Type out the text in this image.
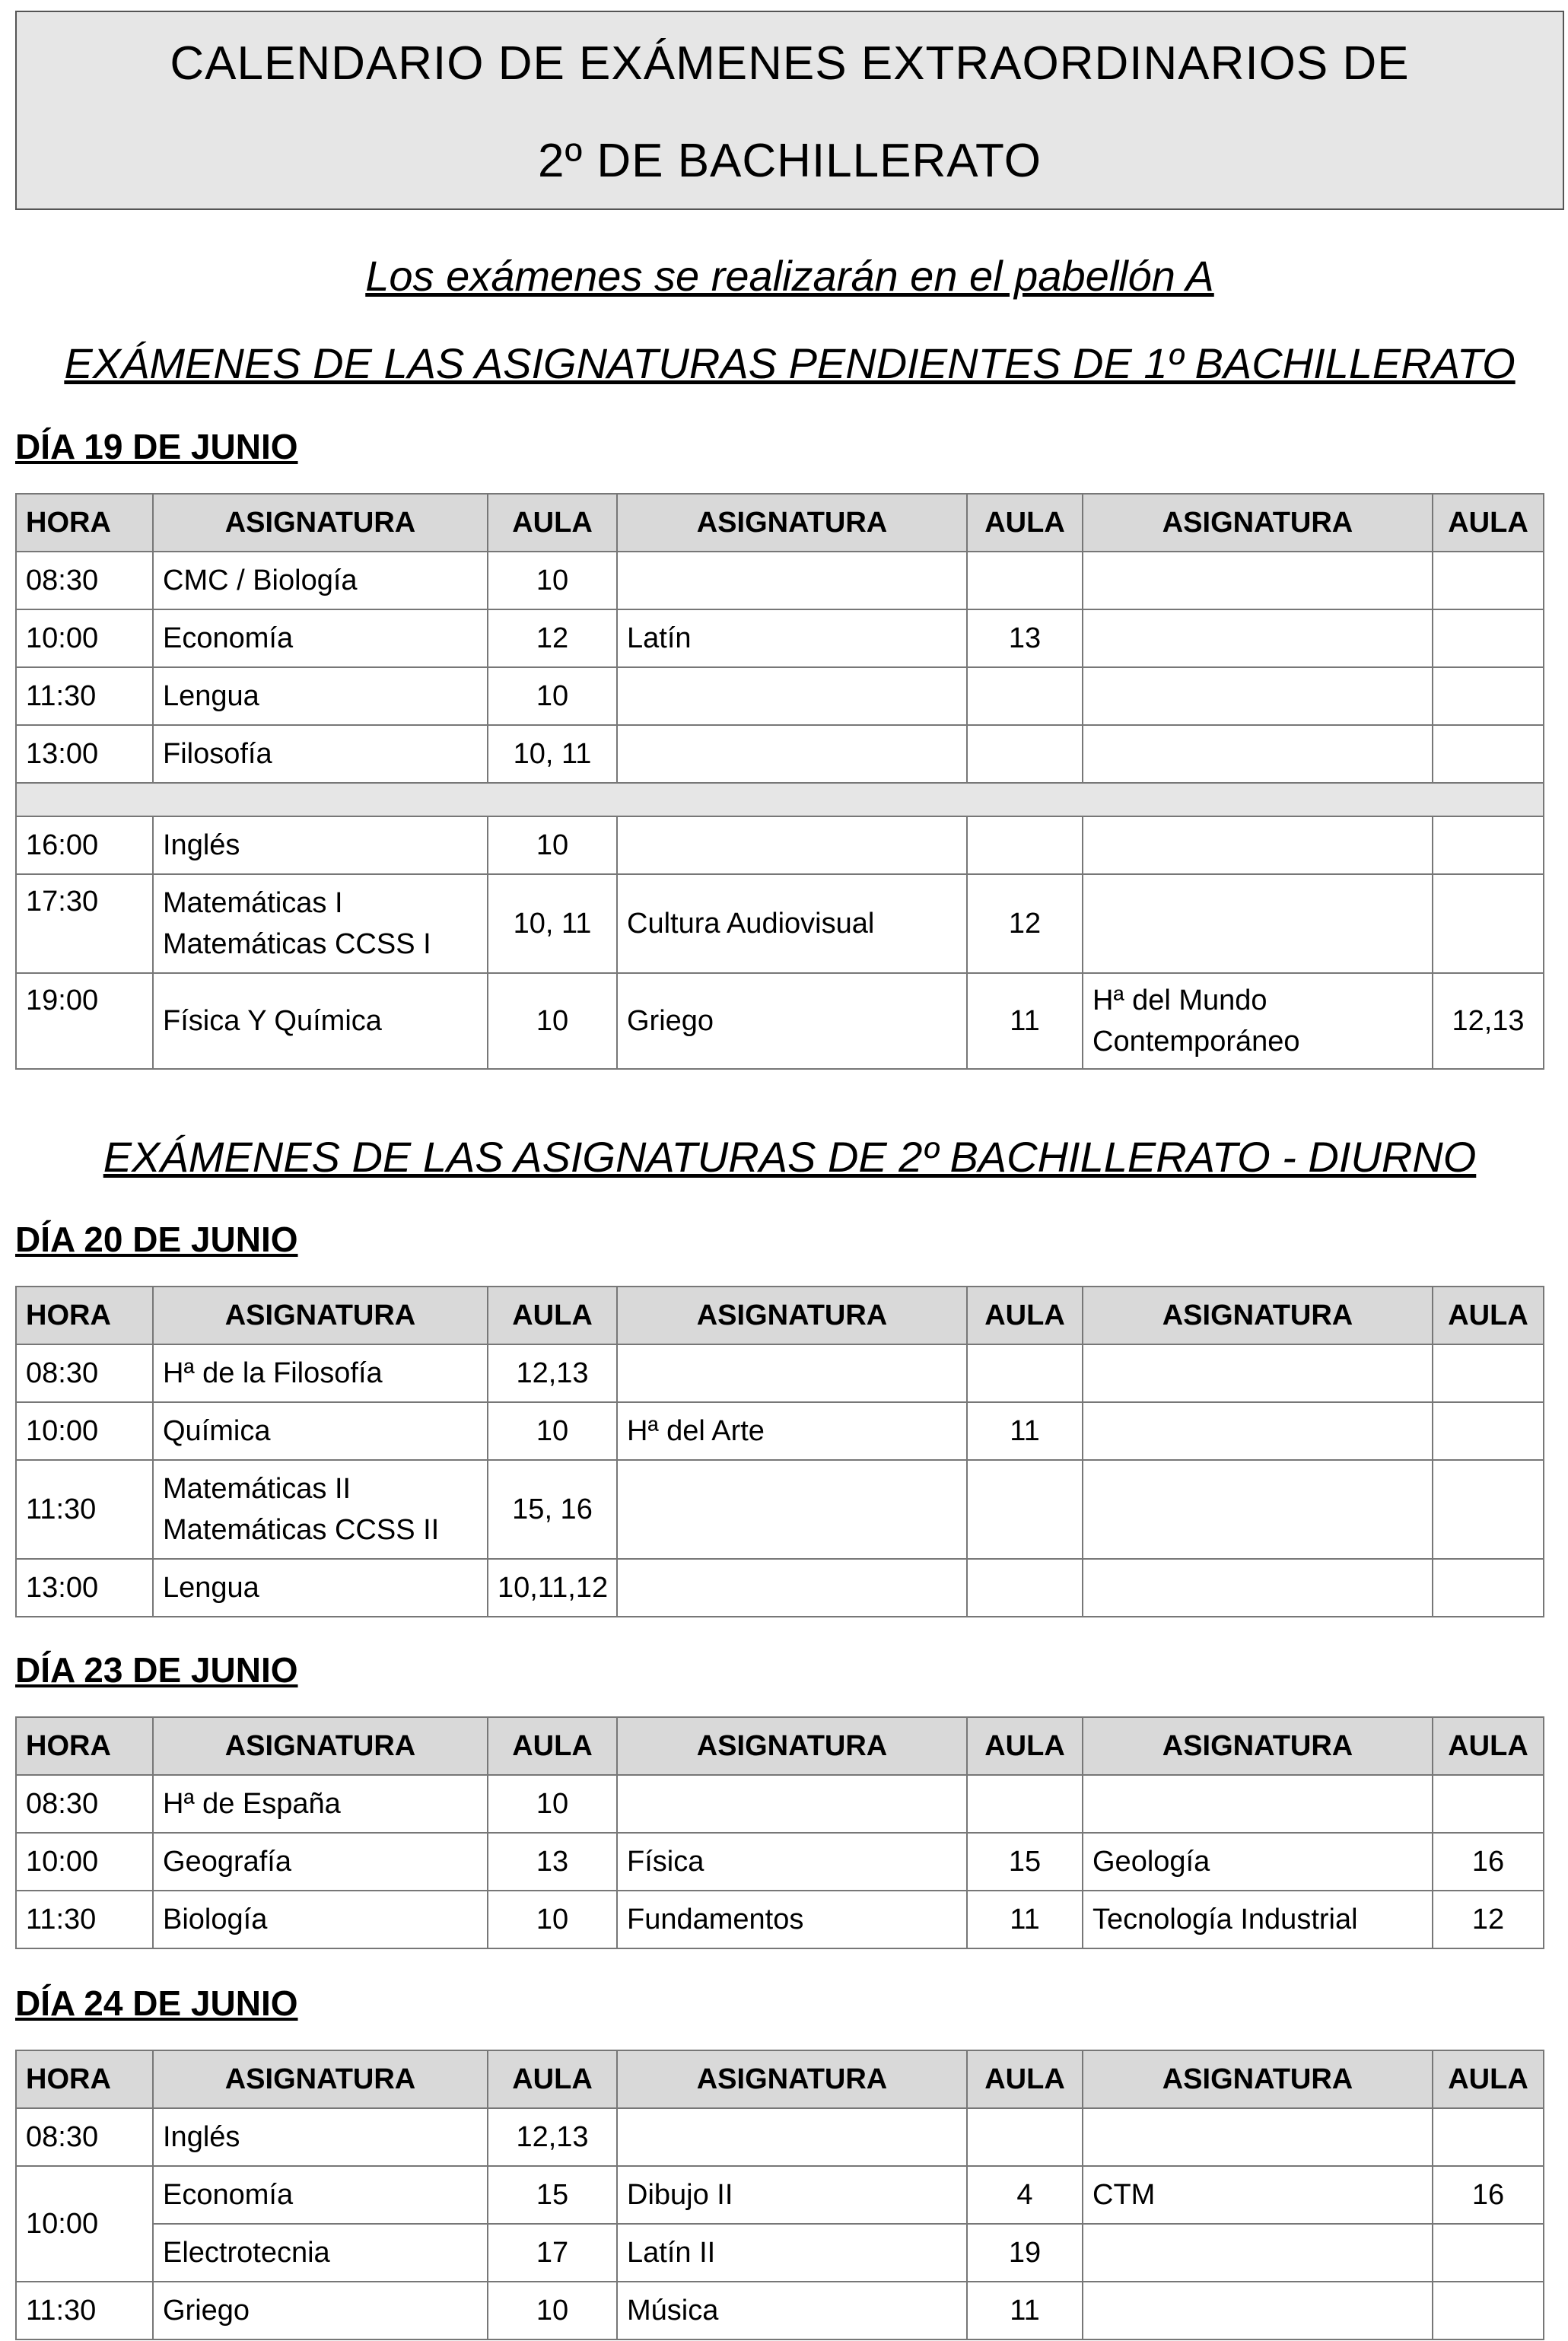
CALENDARIO DE EXÁMENES EXTRAORDINARIOS DE
2º DE BACHILLERATO
Los exámenes se realizarán en el pabellón A
EXÁMENES DE LAS ASIGNATURAS PENDIENTES DE 1º BACHILLERATO
DÍA 19 DE JUNIO
HORA	ASIGNATURA	AULA	ASIGNATURA	AULA	ASIGNATURA	AULA
08:30	CMC / Biología	10				
10:00	Economía	12	Latín	13		
11:30	Lengua	10				
13:00	Filosofía	10, 11				

16:00	Inglés	10				
17:30	Matemáticas I
Matemáticas CCSS I	10, 11	Cultura Audiovisual	12		
19:00	Física Y Química	10	Griego	11	Hª del Mundo
Contemporáneo	12,13
EXÁMENES DE LAS ASIGNATURAS DE 2º BACHILLERATO - DIURNO
DÍA 20 DE JUNIO
HORA	ASIGNATURA	AULA	ASIGNATURA	AULA	ASIGNATURA	AULA
08:30	Hª de la Filosofía	12,13				
10:00	Química	10	Hª del Arte	11		
11:30	Matemáticas II
Matemáticas CCSS II	15, 16				
13:00	Lengua	10,11,12				
DÍA 23 DE JUNIO
HORA	ASIGNATURA	AULA	ASIGNATURA	AULA	ASIGNATURA	AULA
08:30	Hª de España	10				
10:00	Geografía	13	Física	15	Geología	16
11:30	Biología	10	Fundamentos	11	Tecnología Industrial	12
DÍA 24 DE JUNIO
HORA	ASIGNATURA	AULA	ASIGNATURA	AULA	ASIGNATURA	AULA
08:30	Inglés	12,13				
10:00	Economía	15	Dibujo II	4	CTM	16
	Electrotecnia	17	Latín II	19		
11:30	Griego	10	Música	11		
